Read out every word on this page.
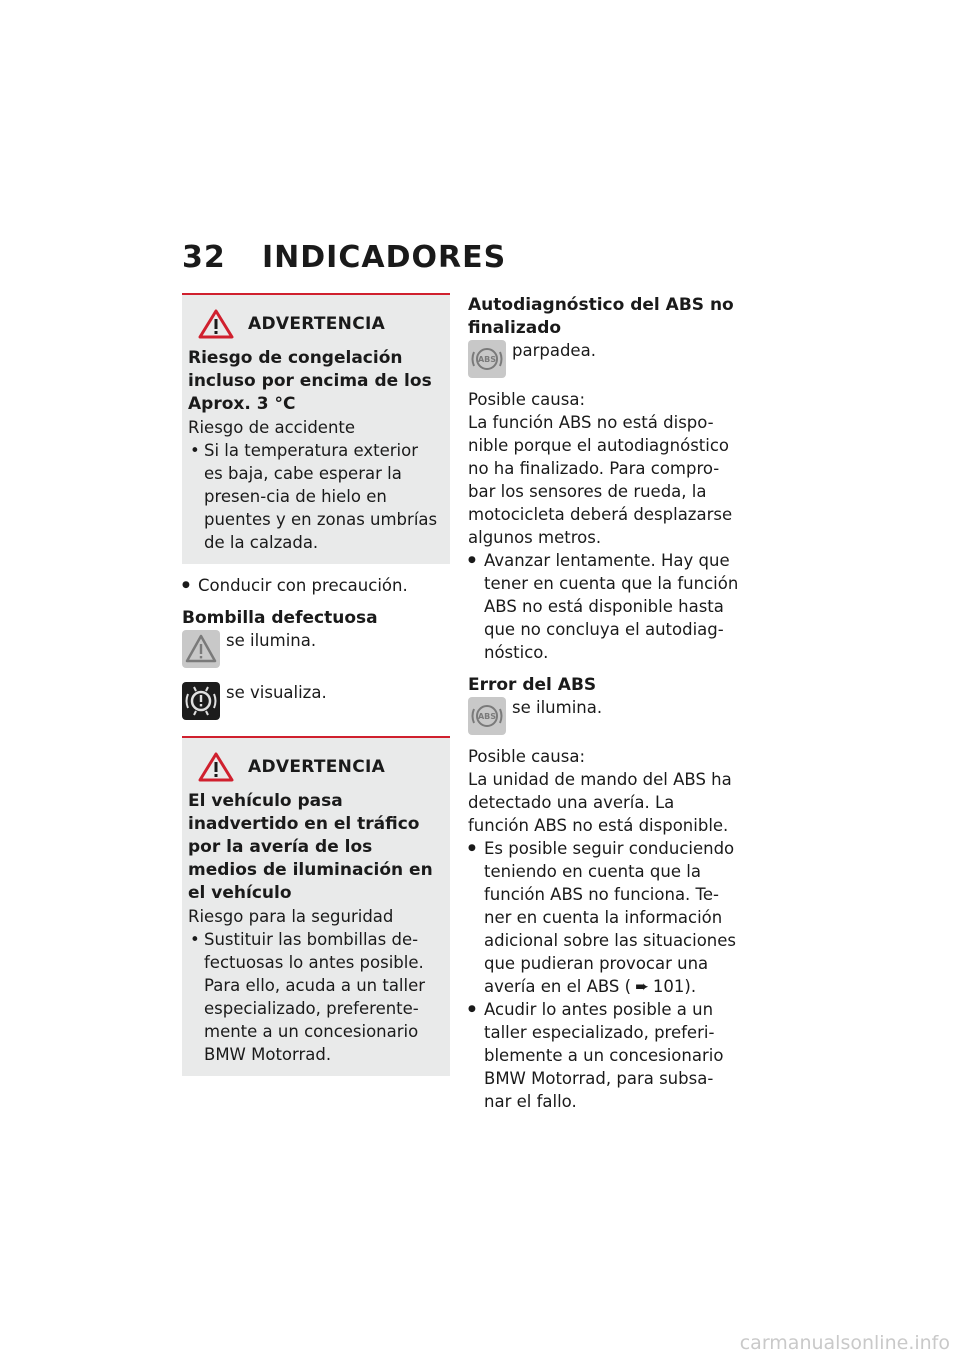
32 INDICADORES
ADVERTENCIA
Riesgo de congelación incluso por encima de los Aprox. 3 °C
Riesgo de accidente
• Si la temperatura exterior es baja, cabe esperar la presen-cia de hielo en puentes y en zonas umbrías de la calzada.
● Conducir con precaución.
Bombilla defectuosa
se ilumina.
se visualiza.
ADVERTENCIA
El vehículo pasa inadvertido en el tráfico por la avería de los medios de iluminación en el vehículo
Riesgo para la seguridad
• Sustituir las bombillas de-fectuosas lo antes posible. Para ello, acuda a un taller especializado, preferente-mente a un concesionario BMW Motorrad.
Autodiagnóstico del ABS no finalizado
ABS parpadea.
Posible causa:
La función ABS no está dispo-nible porque el autodiagnóstico no ha finalizado. Para compro-bar los sensores de rueda, la motocicleta deberá desplazarse algunos metros.
● Avanzar lentamente. Hay que tener en cuenta que la función ABS no está disponible hasta que no concluya el autodiag-nóstico.
Error del ABS
ABS se ilumina.
Posible causa:
La unidad de mando del ABS ha detectado una avería. La función ABS no está disponible.
● Es posible seguir conduciendo teniendo en cuenta que la función ABS no funciona. Te-ner en cuenta la información adicional sobre las situaciones que pudieran provocar una avería en el ABS ( ➨ 101).
● Acudir lo antes posible a un taller especializado, preferi-blemente a un concesionario BMW Motorrad, para subsa-nar el fallo.
carmanualsonline.info
